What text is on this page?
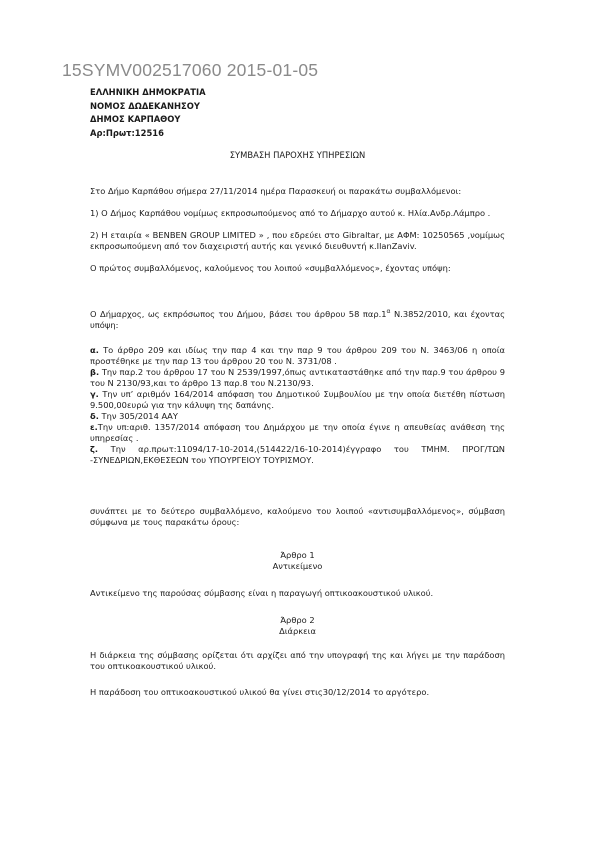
15SYMV002517060 2015-01-05
ΕΛΛΗΝΙΚΗ ΔΗΜΟΚΡΑΤΙΑ
ΝΟΜΟΣ ΔΩΔΕΚΑΝΗΣΟΥ
ΔΗΜΟΣ ΚΑΡΠΑΘΟΥ
Αρ:Πρωτ:12516
ΣΥΜΒΑΣΗ ΠΑΡΟΧΗΣ ΥΠΗΡΕΣΙΩΝ
Στο Δήμο Καρπάθου σήμερα 27/11/2014 ημέρα Παρασκευή οι παρακάτω συμβαλλόμενοι:
1) Ο Δήμος Καρπάθου νομίμως εκπροσωπούμενος από το Δήμαρχο αυτού κ. Ηλία.Ανδρ.Λάμπρο .
2) Η εταιρία « BENBEN GROUP LIMITED » , που εδρεύει στο Gibraltar, με ΑΦΜ: 10250565 ,νομίμως εκπροσωπούμενη από τον διαχειριστή αυτής και γενικό διευθυντή κ.IlanZaviv.
Ο πρώτος συμβαλλόμενος, καλούμενος του λοιπού «συμβαλλόμενος», έχοντας υπόψη:
Ο Δήμαρχος, ως εκπρόσωπος του Δήμου, βάσει του άρθρου 58 $\pi\alpha\rho.1^\alpha$ Ν.3852/2010, και έχοντας υπόψη:
α. Το άρθρο 209 και ιδίως την παρ 4 και την παρ 9 του άρθρου 209 του Ν. 3463/06 η οποία προστέθηκε με την παρ 13 του άρθρου 20 του Ν. 3731/08 .
β. Την παρ.2 του άρθρου 17 του Ν 2539/1997,όπως αντικαταστάθηκε από την παρ.9 του άρθρου 9 του Ν 2130/93,και το άρθρο 13 παρ.8 του Ν.2130/93.
γ. Την υπ’ αριθμόν 164/2014 απόφαση του Δημοτικού Συμβουλίου με την οποία διετέθη πίστωση 9.500,00ευρώ για την κάλυψη της δαπάνης.
δ. Την 305/2014 ΑΑΥ
ε.Την υπ:αριθ. 1357/2014 απόφαση του Δημάρχου με την οποία έγινε η απευθείας ανάθεση της υπηρεσίας .
ζ. Την αρ.πρωτ:11094/17-10-2014,(514422/16-10-2014)έγγραφο του ΤΜΗΜ. ΠΡΟΓ/ΤΩΝ -ΣΥΝΕΔΡΙΩΝ,ΕΚΘΕΣΕΩΝ του ΥΠΟΥΡΓΕΙΟΥ ΤΟΥΡΙΣΜΟΥ.
συνάπτει με το δεύτερο συμβαλλόμενο, καλούμενο του λοιπού «αντισυμβαλλόμενος», σύμβαση σύμφωνα με τους παρακάτω όρους:
Άρθρο 1
Αντικείμενο
Αντικείμενο της παρούσας σύμβασης είναι η παραγωγή οπτικοακουστικού υλικού.
Άρθρο 2
Διάρκεια
Η διάρκεια της σύμβασης ορίζεται ότι αρχίζει από την υπογραφή της και λήγει με την παράδοση του οπτικοακουστικού υλικού.
Η παράδοση του οπτικοακουστικού υλικού θα γίνει στις30/12/2014 το αργότερο.
